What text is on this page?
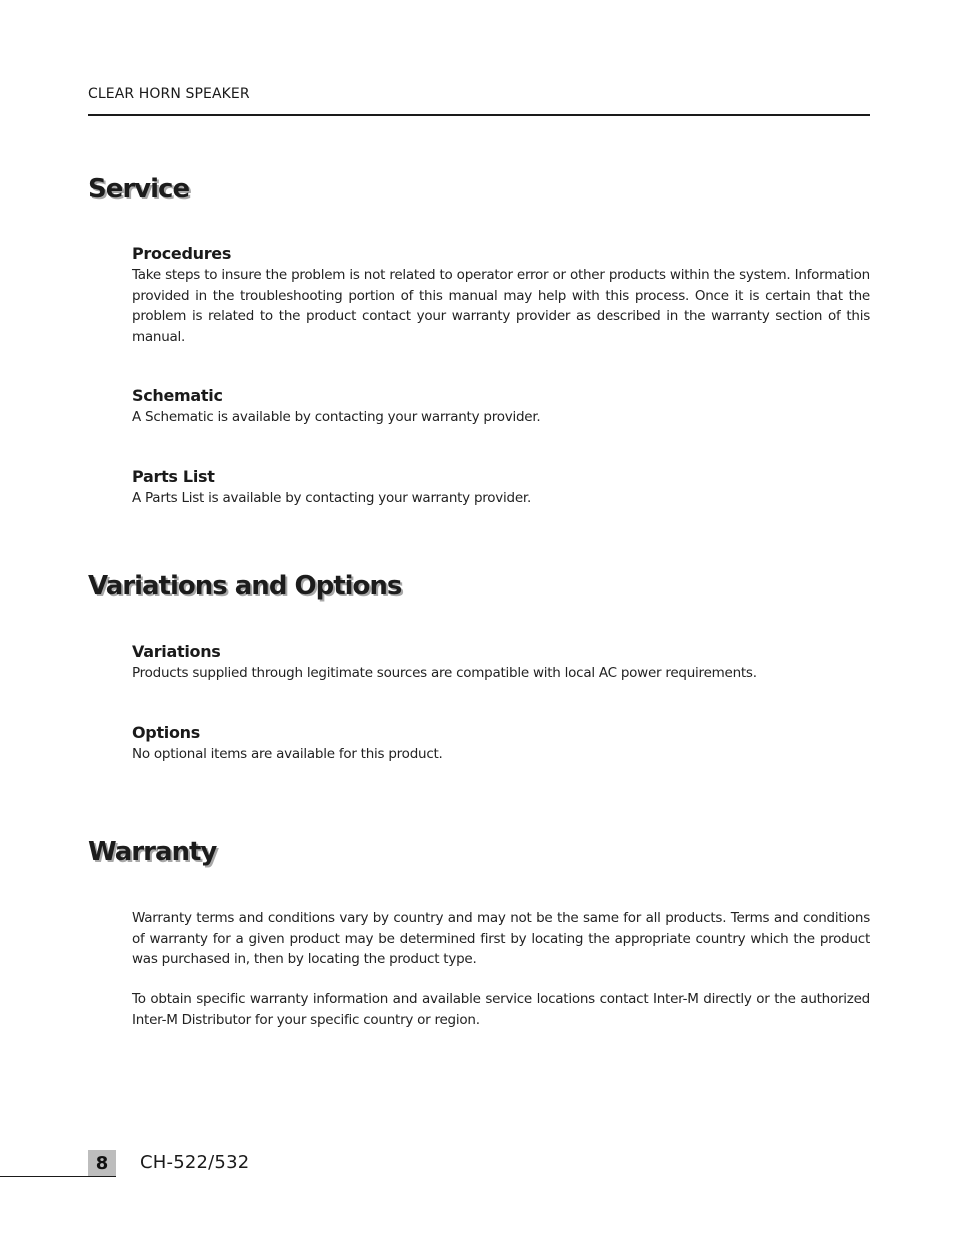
CLEAR HORN SPEAKER
Service
Procedures

Take steps to insure the problem is not related to operator error or other products within the system. Information provided in the troubleshooting portion of this manual may help with this process. Once it is certain that the problem is related to the product contact your warranty provider as described in the warranty section of this manual.

Schematic

A Schematic is available by contacting your warranty provider.

Parts List

A Parts List is available by contacting your warranty provider.

Variations and Options
Variations

Products supplied through legitimate sources are compatible with local AC power requirements.

Options

No optional items are available for this product.

Warranty

Warranty terms and conditions vary by country and may not be the same for all products. Terms and conditions of warranty for a given product may be determined first by locating the appropriate country which the product was purchased in, then by locating the product type.

To obtain specific warranty information and available service locations contact Inter-M directly or the authorized Inter-M Distributor for your specific country or region.

8	CH-522/532
